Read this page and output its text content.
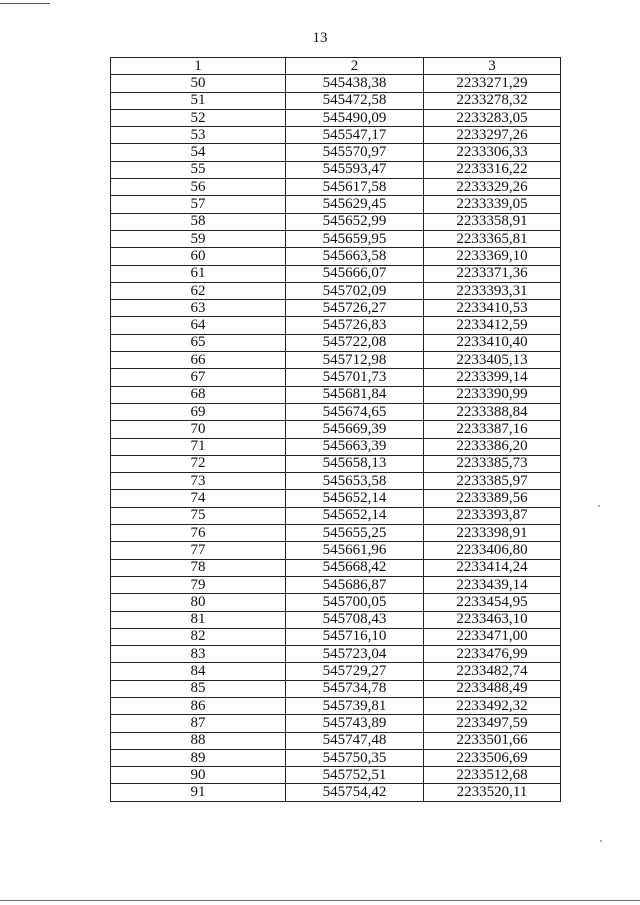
13
1	2	3
50	545438,38	2233271,29
51	545472,58	2233278,32
52	545490,09	2233283,05
53	545547,17	2233297,26
54	545570,97	2233306,33
55	545593,47	2233316,22
56	545617,58	2233329,26
57	545629,45	2233339,05
58	545652,99	2233358,91
59	545659,95	2233365,81
60	545663,58	2233369,10
61	545666,07	2233371,36
62	545702,09	2233393,31
63	545726,27	2233410,53
64	545726,83	2233412,59
65	545722,08	2233410,40
66	545712,98	2233405,13
67	545701,73	2233399,14
68	545681,84	2233390,99
69	545674,65	2233388,84
70	545669,39	2233387,16
71	545663,39	2233386,20
72	545658,13	2233385,73
73	545653,58	2233385,97
74	545652,14	2233389,56
75	545652,14	2233393,87
76	545655,25	2233398,91
77	545661,96	2233406,80
78	545668,42	2233414,24
79	545686,87	2233439,14
80	545700,05	2233454,95
81	545708,43	2233463,10
82	545716,10	2233471,00
83	545723,04	2233476,99
84	545729,27	2233482,74
85	545734,78	2233488,49
86	545739,81	2233492,32
87	545743,89	2233497,59
88	545747,48	2233501,66
89	545750,35	2233506,69
90	545752,51	2233512,68
91	545754,42	2233520,11
